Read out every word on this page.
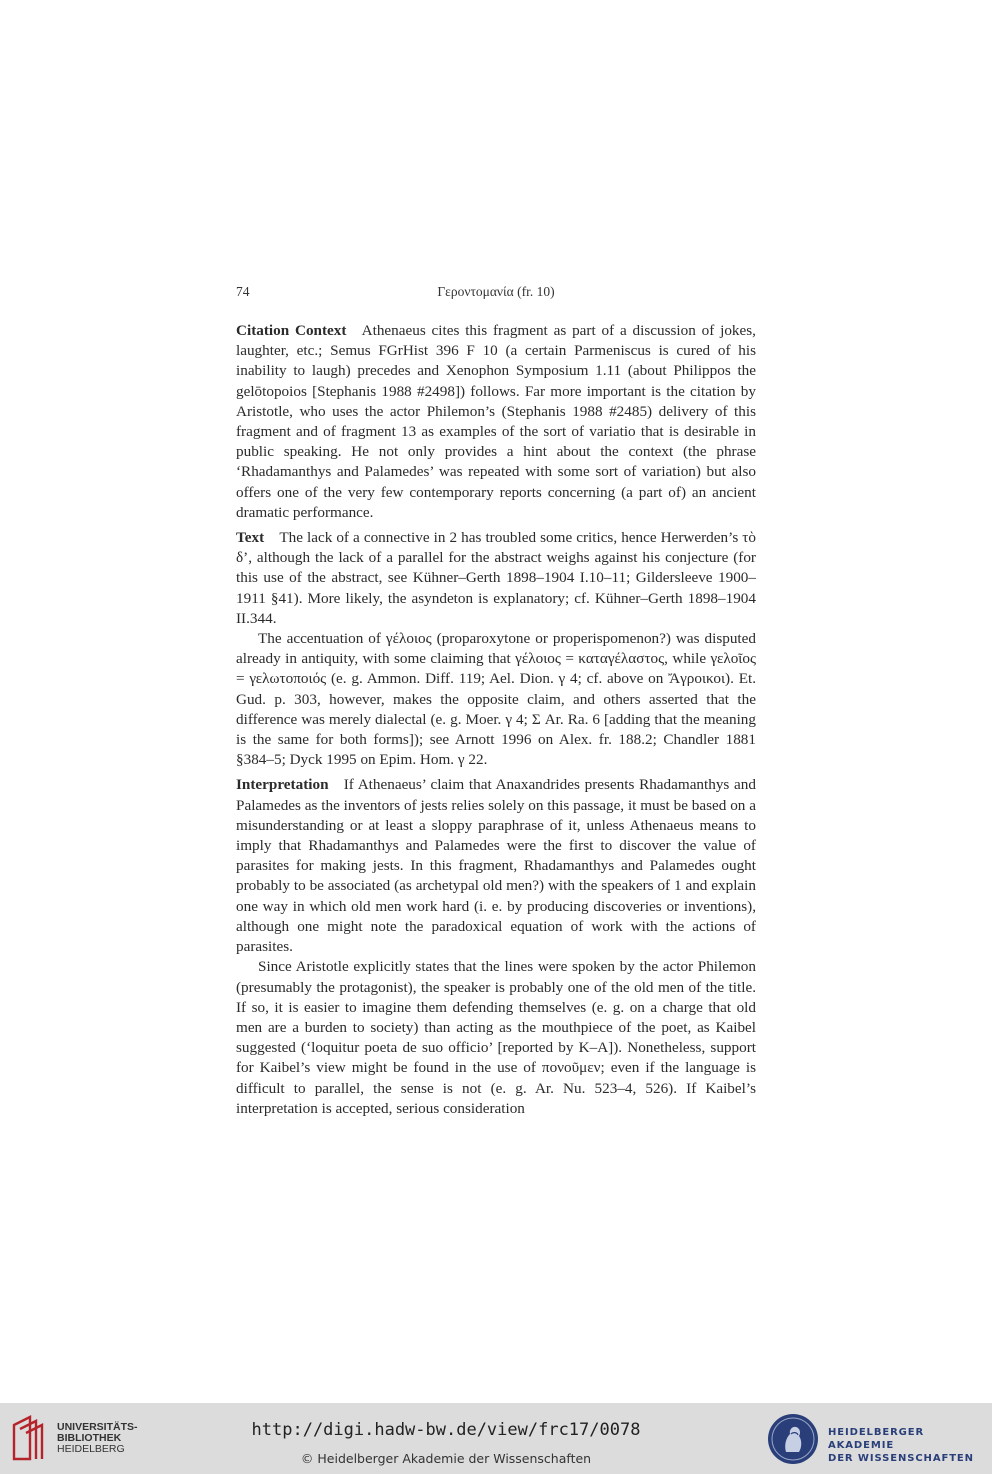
74	Γεροντομανία (fr. 10)

Citation Context Athenaeus cites this fragment as part of a discussion of jokes, laughter, etc.; Semus FGrHist 396 F 10 (a certain Parmeniscus is cured of his inability to laugh) precedes and Xenophon Symposium 1.11 (about Philippos the gelōtopoios [Stephanis 1988 #2498]) follows. Far more important is the citation by Aristotle, who uses the actor Philemon’s (Stephanis 1988 #2485) delivery of this fragment and of fragment 13 as examples of the sort of variatio that is desirable in public speaking. He not only provides a hint about the context (the phrase ‘Rhadamanthys and Palamedes’ was repeated with some sort of variation) but also offers one of the very few contemporary reports concerning (a part of) an ancient dramatic performance.

Text The lack of a connective in 2 has troubled some critics, hence Herwerden’s τὸ δ’, although the lack of a parallel for the abstract weighs against his conjecture (for this use of the abstract, see Kühner–Gerth 1898–1904 I.10–11; Gildersleeve 1900–1911 §41). More likely, the asyndeton is explanatory; cf. Kühner–Gerth 1898–1904 II.344.

The accentuation of γέλοιος (proparoxytone or properispomenon?) was disputed already in antiquity, with some claiming that γέλοιος = καταγέλαστος, while γελοῖος = γελωτοποιός (e. g. Ammon. Diff. 119; Ael. Dion. γ 4; cf. above on Ἄγροικοι). Et. Gud. p. 303, however, makes the opposite claim, and others asserted that the difference was merely dialectal (e. g. Moer. γ 4; Σ Ar. Ra. 6 [adding that the meaning is the same for both forms]); see Arnott 1996 on Alex. fr. 188.2; Chandler 1881 §384–5; Dyck 1995 on Epim. Hom. γ 22.

Interpretation If Athenaeus’ claim that Anaxandrides presents Rhadamanthys and Palamedes as the inventors of jests relies solely on this passage, it must be based on a misunderstanding or at least a sloppy paraphrase of it, unless Athenaeus means to imply that Rhadamanthys and Palamedes were the first to discover the value of parasites for making jests. In this fragment, Rhadamanthys and Palamedes ought probably to be associated (as archetypal old men?) with the speakers of 1 and explain one way in which old men work hard (i. e. by producing discoveries or inventions), although one might note the paradoxical equation of work with the actions of parasites.

Since Aristotle explicitly states that the lines were spoken by the actor Philemon (presumably the protagonist), the speaker is probably one of the old men of the title. If so, it is easier to imagine them defending themselves (e. g. on a charge that old men are a burden to society) than acting as the mouthpiece of the poet, as Kaibel suggested (‘loquitur poeta de suo officio’ [reported by K–A]). Nonetheless, support for Kaibel’s view might be found in the use of πονοῦμεν; even if the language is difficult to parallel, the sense is not (e. g. Ar. Nu. 523–4, 526). If Kaibel’s interpretation is accepted, serious consideration

UNIVERSITÄTS-
BIBLIOTHEK
HEIDELBERG
http://digi.hadw-bw.de/view/frc17/0078
© Heidelberger Akademie der Wissenschaften
HEIDELBERGER AKADEMIE
DER WISSENSCHAFTEN
